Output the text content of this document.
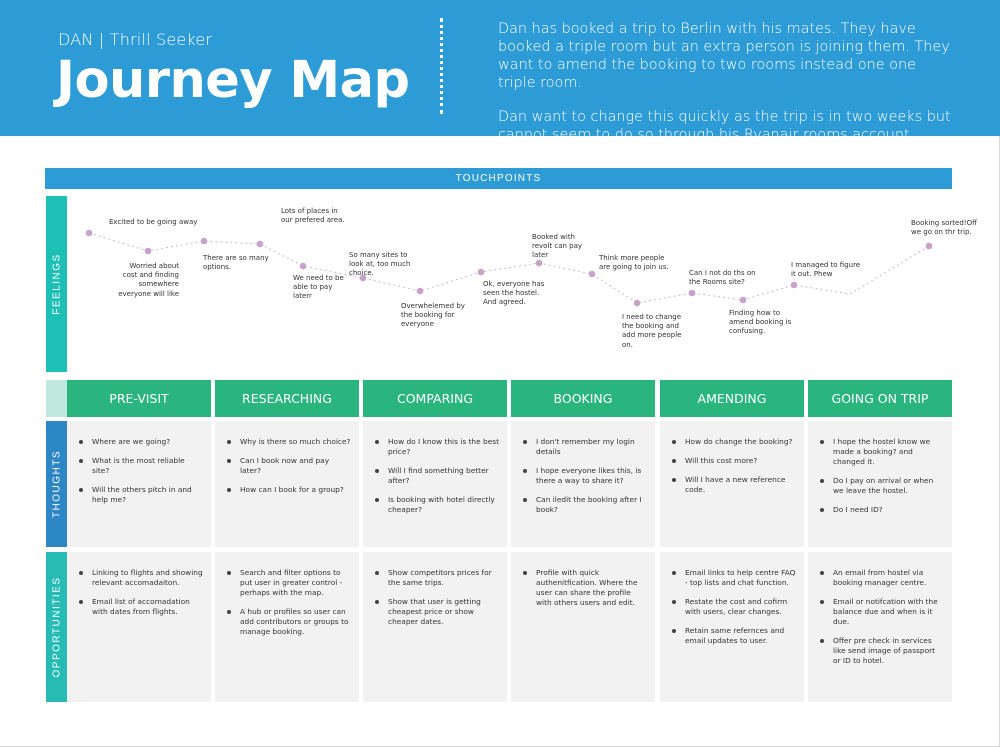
DAN | Thrill Seeker
Journey Map

Dan has booked a trip to Berlin with his mates. They have booked a triple room but an extra person is joining them. They want to amend the booking to two rooms instead one one triple room.

Dan want to change this quickly as the trip is in two weeks but cannot seem to do so through his Ryanair rooms account.

TOUCHPOINTS
FEELINGS
THOUGHTS
OPPORTUNITIES
Excited to be going away
Worried about cost and finding somewhere everyone will like
There are so many options.
Lots of places in our prefered area.
We need to be able to pay laterr
So many sites to look at, too much choice.
Overwhelemed by the booking for everyone
Ok, everyone has seen the hostel. And agreed.
Booked with revolt can pay later	Think more people are going to join us.
I need to change the booking and add more people on.
Can I not do ths on the Rooms site?
Finding how to amend booking is confusing.
I managed to figure it out. Phew
Booking sorted!Off we go on thr trip.
PRE-VISIT
Where are we going?
What is the most reliable site?
Will the others pitch in and help me?
Linking to flights and showing relevant accomadaiton.
Email list of accomadation with dates from flights.
RESEARCHING
Why is there so much choice?
Can I book now and pay later?
How can I book for a group?
Search and filter options to put user in greater control - perhaps with the map.
A hub or profiles so user can add contributors or groups to manage booking.
COMPARING
How do I know this is the best price?
Will I find something better after?
Is booking with hotel directly cheaper?
Show competitors prices for the same trips.
Show that user is getting cheapest price or show cheaper dates.
BOOKING
I don't remember my login details
I hope everyone likes this, is there a way to share it?
Can iledit the booking after I book?
Profile with quick authenitfication. Where the user can share the profile with others users and edit.
AMENDING
How do change the booking?
Will this cost more?
Will I have a new reference code.
Email links to help centre FAQ - top lists and chat function.
Restate the cost and cofirm with users, clear changes.
Retain same refernces and email updates to user.
GOING ON TRIP
I hope the hostel know we made a booking? and changed it.
Do I pay on arrival or when we leave the hostel.
Do I need ID?
An email from hostel via booking manager centre.
Email or notifcation with the balance due and when is it due.
Offer pre check in services like send image of passport or ID to hotel.
